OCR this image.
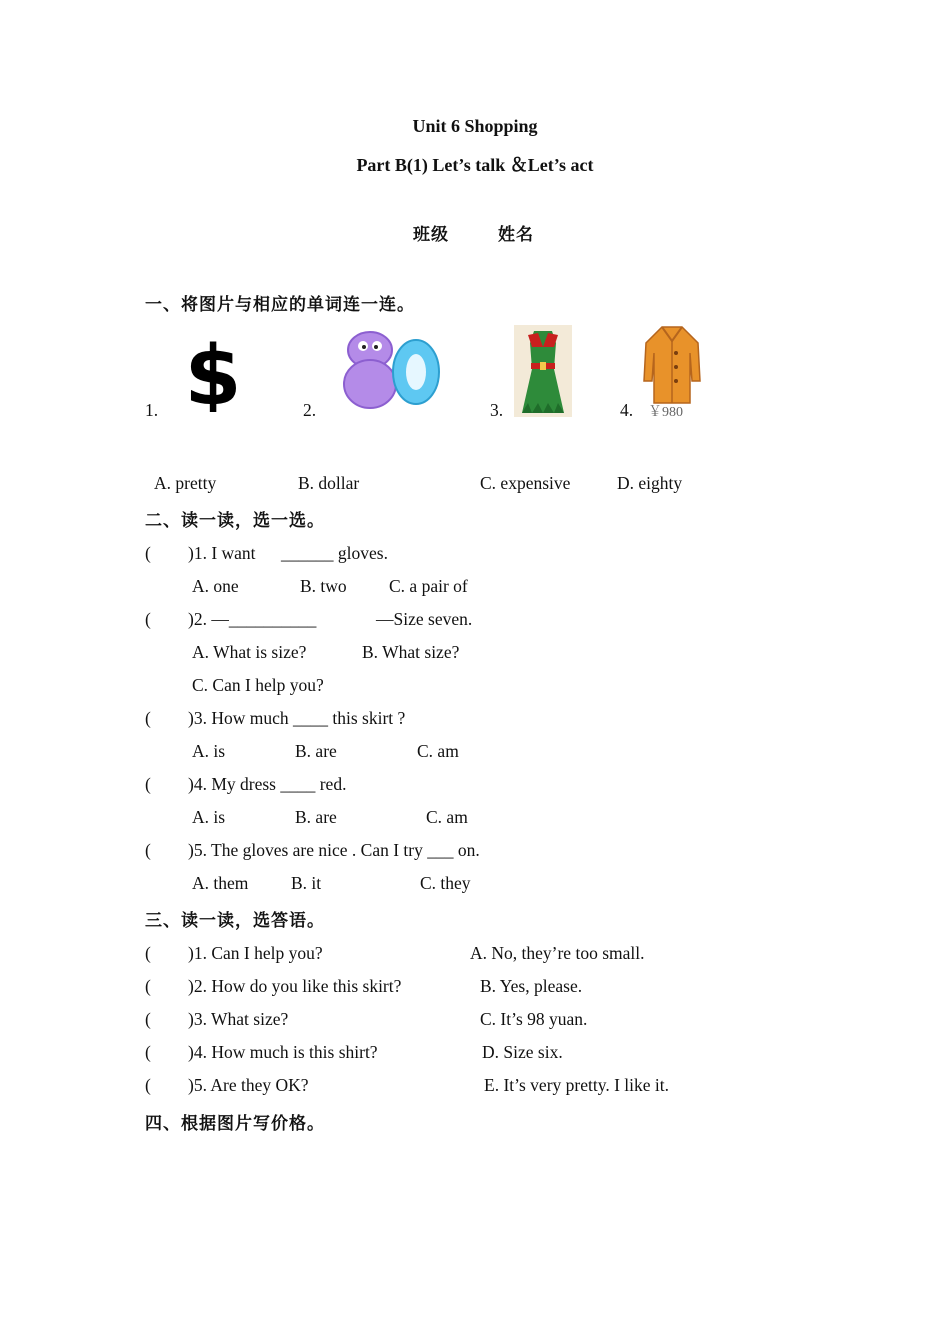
Unit 6 Shopping
Part B(1) Let’s talk ＆Let’s act
班级	姓名
一、将图片与相应的单词连一连。
1. $	2.	3.	4. ￥980
A. pretty	B. dollar	C. expensive	D. eighty
二、读一读，选一选。
( )1. I want ______ gloves.
A. one	B. two C. a pair of
( )2. —__________	—Size seven.
A. What is size?	B. What size?
C. Can I help you?
( )3. How much ____ this skirt ?
A. is	B. are	C. am
( )4. My dress ____ red.
A. is	B. are	C. am
( )5. The gloves are nice . Can I try ___ on.
A. them B. it	C. they
三、读一读，选答语。
( )1. Can I help you?	A. No, they’re too small.
( )2. How do you like this skirt?	B. Yes, please.
( )3. What size?	C. It’s 98 yuan.
( )4. How much is this shirt?	D. Size six.
( )5. Are they OK?	E. It’s very pretty. I like it.
四、根据图片写价格。
